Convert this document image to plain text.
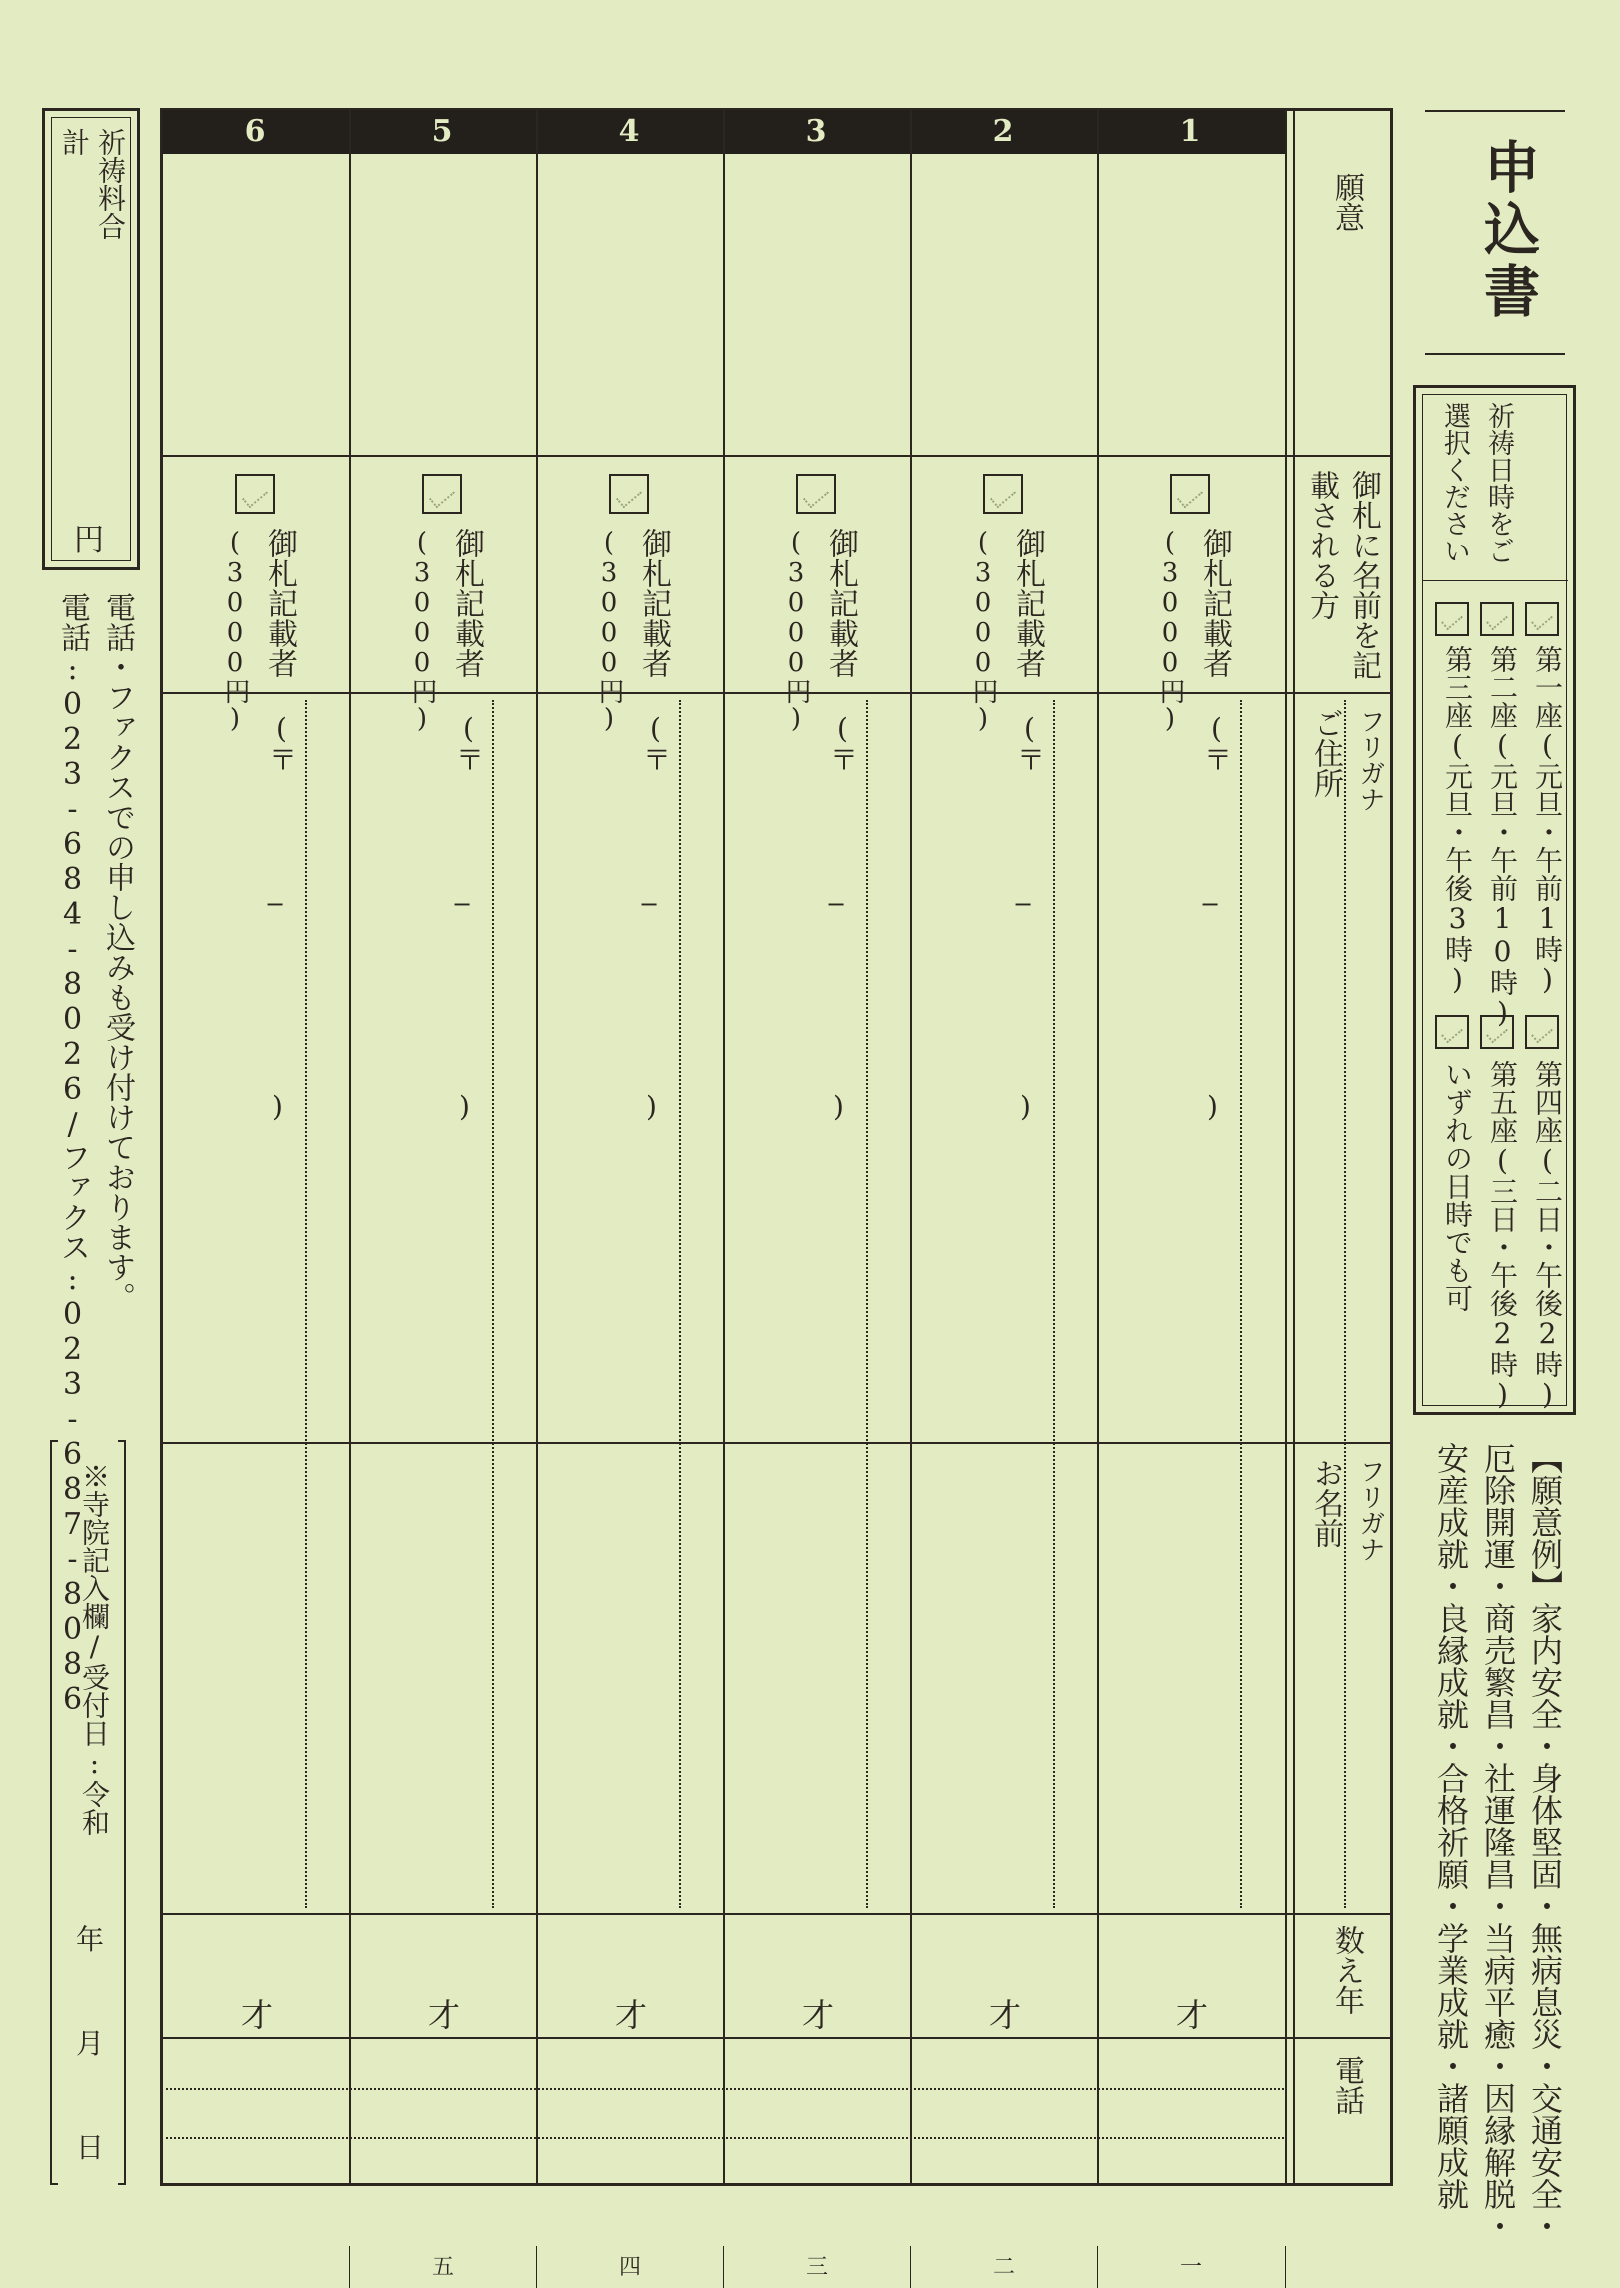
申込書
祈祷日時をご選択ください
第一座(元旦・午前1時)
第二座(元旦・午前10時)
第三座(元旦・午後3時)
第四座(二日・午後2時)
第五座(三日・午後2時)
いずれの日時でも可
【願意例】家内安全・身体堅固・無病息災・交通安全・
厄除開運・商売繁昌・社運隆昌・当病平癒・因縁解脱・
安産成就・良縁成就・合格祈願・学業成就・諸願成就
1
2
3
4
5
6
願意
御札に名前を記載される方
フリガナ
ご住所
フリガナ
お名前
数え年
電話
御札記載者
(3000円)
(〒
−
)
才
御札記載者
(3000円)
(〒
−
)
才
御札記載者
(3000円)
(〒
−
)
才
御札記載者
(3000円)
(〒
−
)
才
御札記載者
(3000円)
(〒
−
)
才
御札記載者
(3000円)
(〒
−
)
才
祈祷料合計
円
電話・ファクスでの申し込みも受け付けております。
電話:023-684-8026/ファクス:023-687-8086
※寺院記入欄/受付日:令和
年
月
日
一
二
三
四
五
